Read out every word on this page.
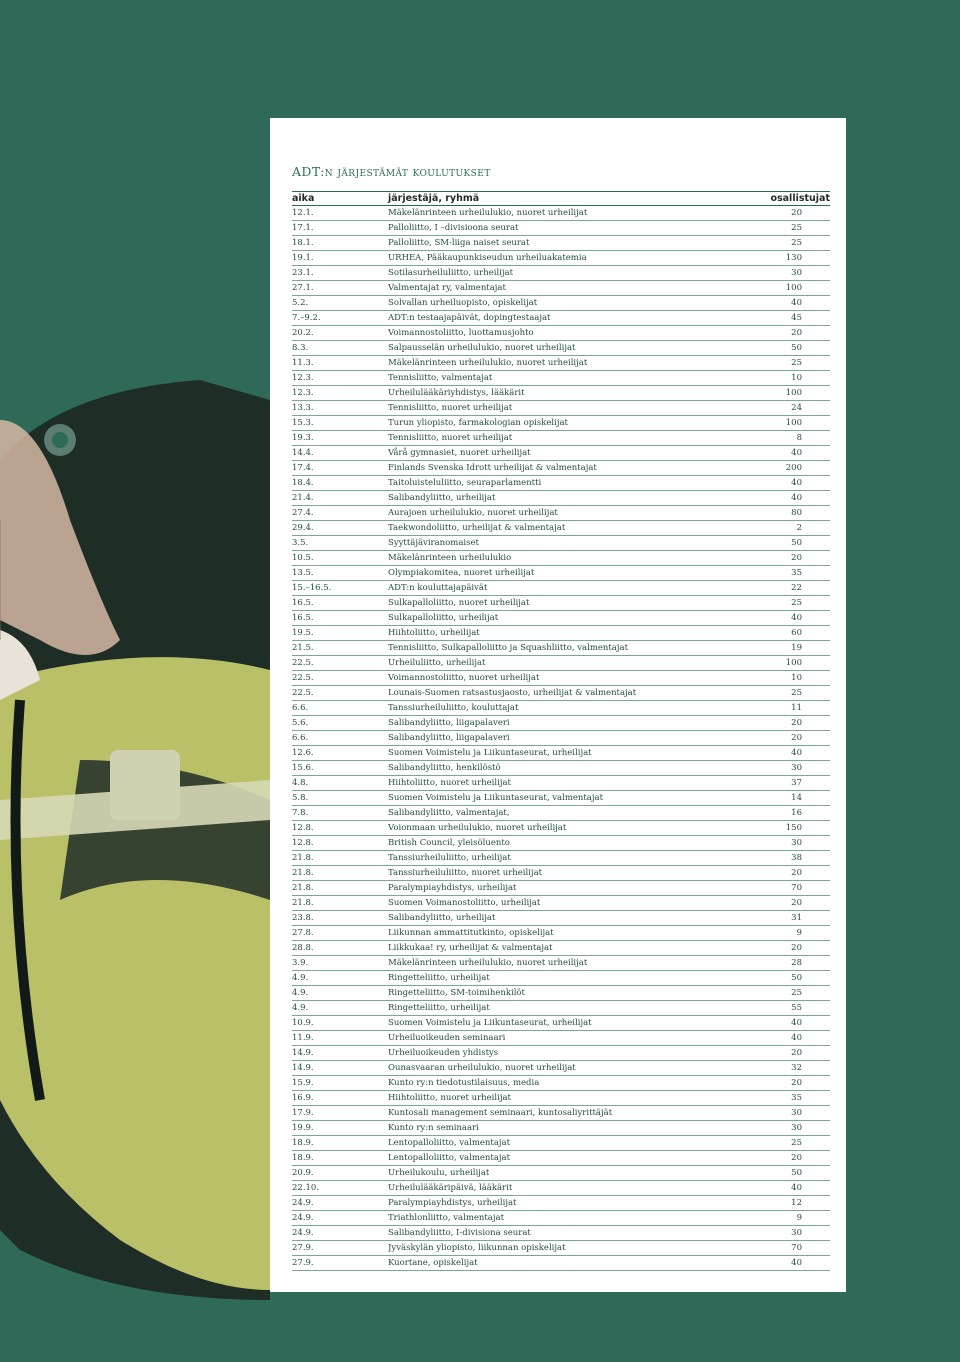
ADT:n järjestämät koulutukset
aika	järjestäjä, ryhmä	osallistujat
12.1.	Mäkelänrinteen urheilulukio, nuoret urheilijat	20
17.1.	Palloliitto, I –divisioona seurat	25
18.1.	Palloliitto, SM-liiga naiset seurat	25
19.1.	URHEA, Pääkaupunkiseudun urheiluakatemia	130
23.1.	Sotilasurheiluliitto, urheilijat	30
27.1.	Valmentajat ry, valmentajat	100
5.2.	Solvallan urheiluopisto, opiskelijat	40
7.–9.2.	ADT:n testaajapäivät, dopingtestaajat	45
20.2.	Voimannostoliitto, luottamusjohto	20
8.3.	Salpausselän urheilulukio, nuoret urheilijat	50
11.3.	Mäkelänrinteen urheilulukio, nuoret urheilijat	25
12.3.	Tennisliitto, valmentajat	10
12.3.	Urheilulääkäriyhdistys, lääkärit	100
13.3.	Tennisliitto, nuoret urheilijat	24
15.3.	Turun yliopisto, farmakologian opiskelijat	100
19.3.	Tennisliitto, nuoret urheilijat	8
14.4.	Vårå gymnasiet, nuoret urheilijat	40
17.4.	Finlands Svenska Idrott urheilijat & valmentajat	200
18.4.	Taitoluisteluliitto, seuraparlamentti	40
21.4.	Salibandyliitto, urheilijat	40
27.4.	Aurajoen urheilulukio, nuoret urheilijat	80
29.4.	Taekwondoliitto, urheilijat & valmentajat	2
3.5.	Syyttäjäviranomaiset	50
10.5.	Mäkelänrinteen urheilulukio	20
13.5.	Olympiakomitea, nuoret urheilijat	35
15.–16.5.	ADT:n kouluttajapäivät	22
16.5.	Sulkapalloliitto, nuoret urheilijat	25
16.5.	Sulkapalloliitto, urheilijat	40
19.5.	Hiihtoliitto, urheilijat	60
21.5.	Tennisliitto, Sulkapalloliitto ja Squashliitto, valmentajat	19
22.5.	Urheiluliitto, urheilijat	100
22.5.	Voimannostoliitto, nuoret urheilijat	10
22.5.	Lounais-Suomen ratsastusjaosto, urheilijat & valmentajat	25
6.6.	Tanssiurheiluliitto, kouluttajat	11
5.6.	Salibandyliitto, liigapalaveri	20
6.6.	Salibandyliitto, liigapalaveri	20
12.6.	Suomen Voimistelu ja Liikuntaseurat, urheilijat	40
15.6.	Salibandyliitto, henkilöstö	30
4.8.	Hiihtoliitto, nuoret urheilijat	37
5.8.	Suomen Voimistelu ja Liikuntaseurat, valmentajat	14
7.8.	Salibandyliitto, valmentajat,	16
12.8.	Voionmaan urheilulukio, nuoret urheilijat	150
12.8.	British Council, yleisöluento	30
21.8.	Tanssiurheiluliitto, urheilijat	38
21.8.	Tanssiurheiluliitto, nuoret urheilijat	20
21.8.	Paralympiayhdistys, urheilijat	70
21.8.	Suomen Voimanostoliitto, urheilijat	20
23.8.	Salibandyliitto, urheilijat	31
27.8.	Liikunnan ammattitutkinto, opiskelijat	9
28.8.	Liikkukaa! ry, urheilijat & valmentajat	20
3.9.	Mäkelänrinteen urheilulukio, nuoret urheilijat	28
4.9.	Ringetteliitto, urheilijat	50
4.9.	Ringetteliitto, SM-toimihenkilöt	25
4.9.	Ringetteliitto, urheilijat	55
10.9.	Suomen Voimistelu ja Liikuntaseurat, urheilijat	40
11.9.	Urheiluoikeuden seminaari	40
14.9.	Urheiluoikeuden yhdistys	20
14.9.	Ounasvaaran urheilulukio, nuoret urheilijat	32
15.9.	Kunto ry:n tiedotustilaisuus, media	20
16.9.	Hiihtoliitto, nuoret urheilijat	35
17.9.	Kuntosali management seminaari, kuntosaliyrittäjät	30
19.9.	Kunto ry:n seminaari	30
18.9.	Lentopalloliitto, valmentajat	25
18.9.	Lentopalloliitto, valmentajat	20
20.9.	Urheilukoulu, urheilijat	50
22.10.	Urheilulääkäripäivä, lääkärit	40
24.9.	Paralympiayhdistys, urheilijat	12
24.9.	Triathlonliitto, valmentajat	9
24.9.	Salibandyliitto, I-divisiona seurat	30
27.9.	Jyväskylän yliopisto, liikunnan opiskelijat	70
27.9.	Kuortane, opiskelijat	40
